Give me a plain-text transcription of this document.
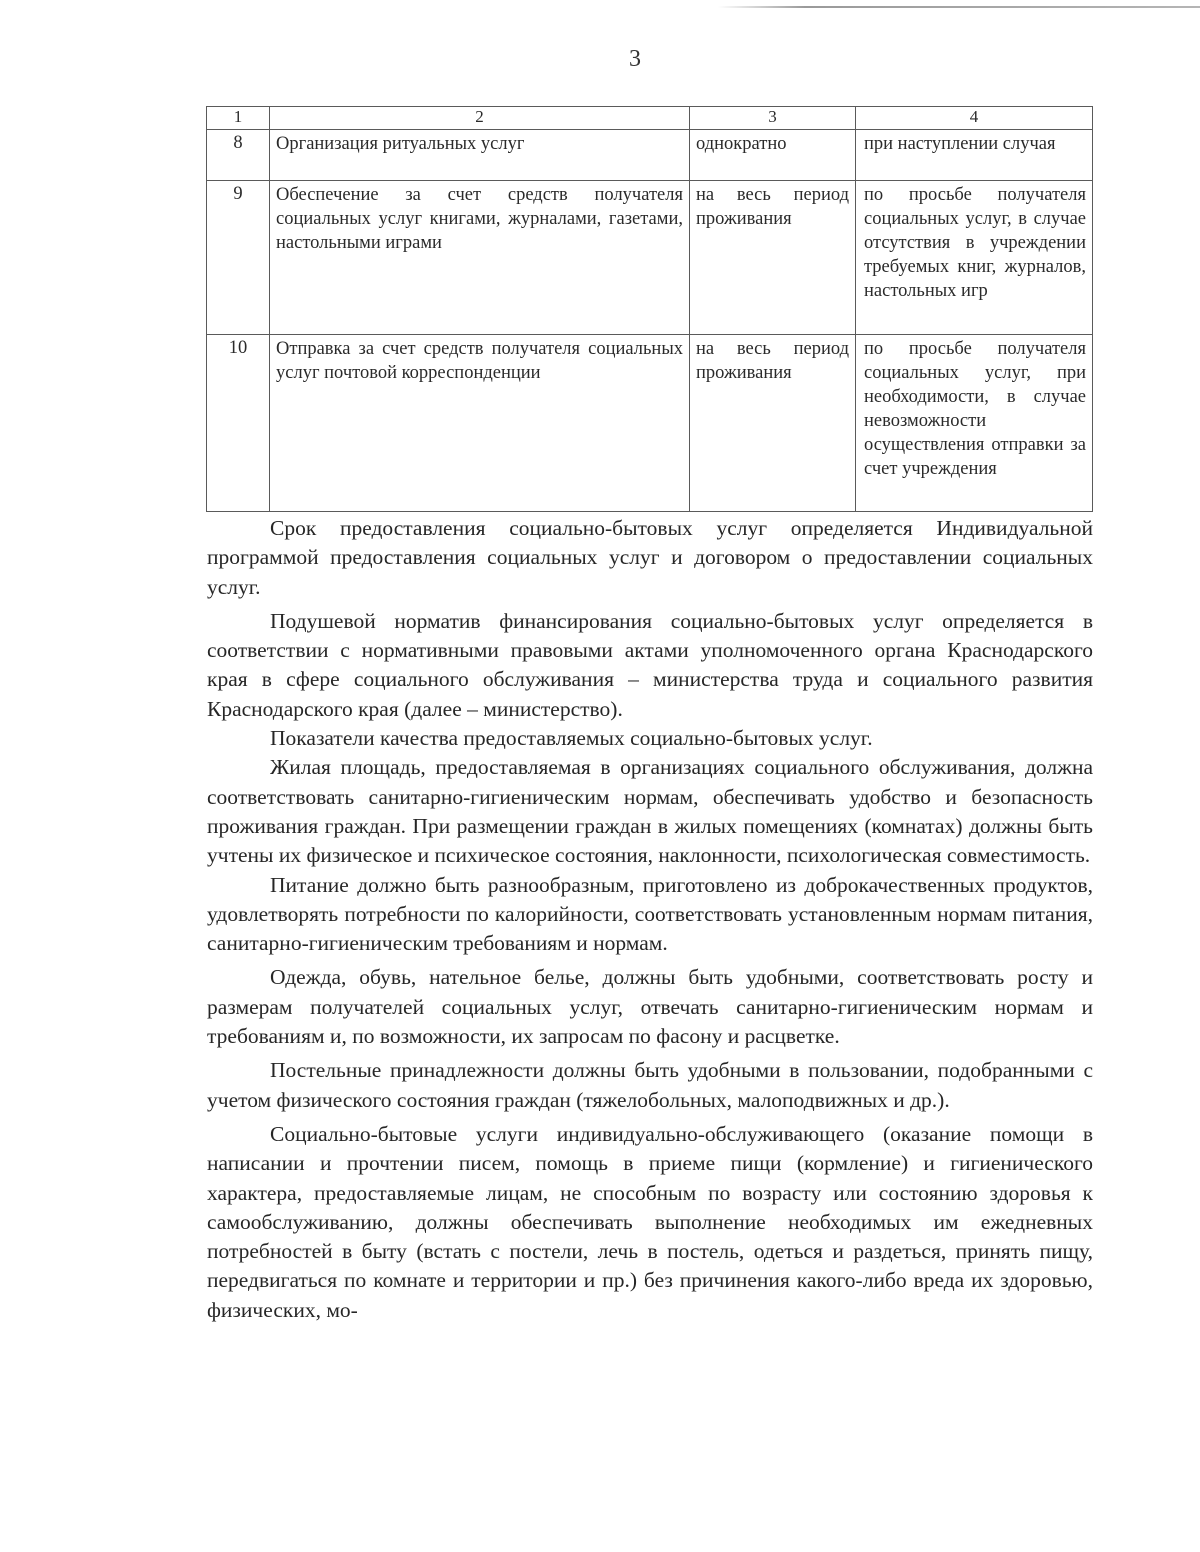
3
1	2	3	4
8	Организация ритуальных услуг	однократно	при наступлении случая
9	Обеспечение за счет средств получателя социальных услуг книгами, журналами, газетами, настольными играми	на весь период проживания	по просьбе получателя социальных услуг, в случае отсутствия в учреждении требуемых книг, журналов, настольных игр
10	Отправка за счет средств получателя социальных услуг почтовой корреспонденции	на весь период проживания	по просьбе получателя социальных услуг, при необходимости, в случае невозможности осуществления отправки за счет учреждения

Срок предоставления социально-бытовых услуг определяется Индивидуальной программой предоставления социальных услуг и договором о предоставлении социальных услуг.

Подушевой норматив финансирования социально-бытовых услуг определяется в соответствии с нормативными правовыми актами уполномоченного органа Краснодарского края в сфере социального обслуживания – министерства труда и социального развития Краснодарского края (далее – министерство).

Показатели качества предоставляемых социально-бытовых услуг.

Жилая площадь, предоставляемая в организациях социального обслуживания, должна соответствовать санитарно-гигиеническим нормам, обеспечивать удобство и безопасность проживания граждан. При размещении граждан в жилых помещениях (комнатах) должны быть учтены их физическое и психическое состояния, наклонности, психологическая совместимость.

Питание должно быть разнообразным, приготовлено из доброкачественных продуктов, удовлетворять потребности по калорийности, соответствовать установленным нормам питания, санитарно-гигиеническим требованиям и нормам.

Одежда, обувь, нательное белье, должны быть удобными, соответствовать росту и размерам получателей социальных услуг, отвечать санитарно-гигиеническим нормам и требованиям и, по возможности, их запросам по фасону и расцветке.

Постельные принадлежности должны быть удобными в пользовании, подобранными с учетом физического состояния граждан (тяжелобольных, малоподвижных и др.).

Социально-бытовые услуги индивидуально-обслуживающего (оказание помощи в написании и прочтении писем, помощь в приеме пищи (кормление) и гигиенического характера, предоставляемые лицам, не способным по возрасту или состоянию здоровья к самообслуживанию, должны обеспечивать выполнение необходимых им ежедневных потребностей в быту (встать с постели, лечь в постель, одеться и раздеться, принять пищу, передвигаться по комнате и территории и пр.) без причинения какого-либо вреда их здоровью, физических, мо-
